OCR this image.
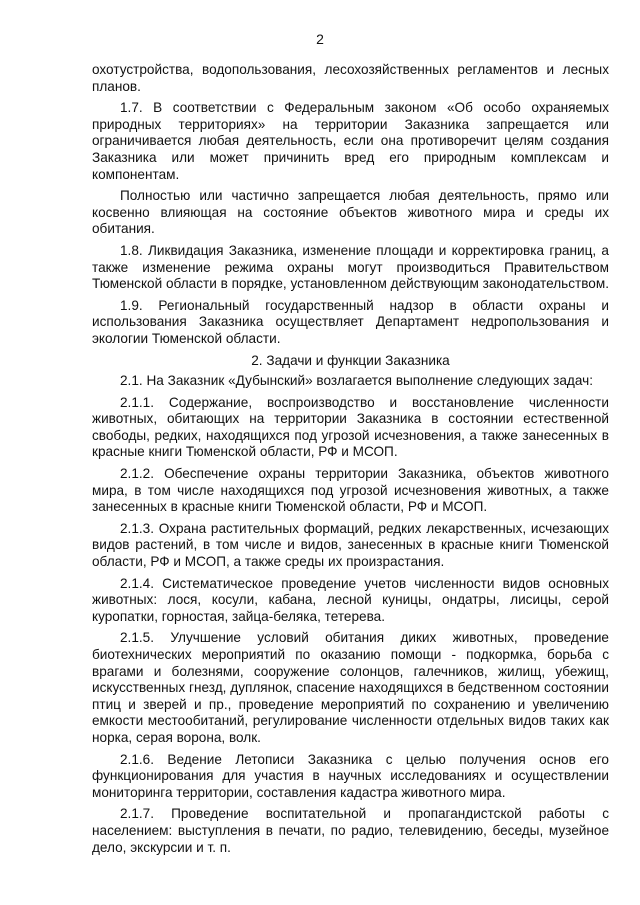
2

охотустройства, водопользования, лесохозяйственных регламентов и лесных планов.

1.7. В соответствии с Федеральным законом «Об особо охраняемых природных территориях» на территории Заказника запрещается или ограничивается любая деятельность, если она противоречит целям создания Заказника или может причинить вред его природным комплексам и компонентам.

Полностью или частично запрещается любая деятельность, прямо или косвенно влияющая на состояние объектов животного мира и среды их обитания.

1.8. Ликвидация Заказника, изменение площади и корректировка границ, а также изменение режима охраны могут производиться Правительством Тюменской области в порядке, установленном действующим законодательством.

1.9. Региональный государственный надзор в области охраны и использования Заказника осуществляет Департамент недропользования и экологии Тюменской области.

2. Задачи и функции Заказника

2.1. На Заказник «Дубынский» возлагается выполнение следующих задач:

2.1.1. Содержание, воспроизводство и восстановление численности животных, обитающих на территории Заказника в состоянии естественной свободы, редких, находящихся под угрозой исчезновения, а также занесенных в красные книги Тюменской области, РФ и МСОП.

2.1.2. Обеспечение охраны территории Заказника, объектов животного мира, в том числе находящихся под угрозой исчезновения животных, а также занесенных в красные книги Тюменской области, РФ и МСОП.

2.1.3. Охрана растительных формаций, редких лекарственных, исчезающих видов растений, в том числе и видов, занесенных в красные книги Тюменской области, РФ и МСОП, а также среды их произрастания.

2.1.4. Систематическое проведение учетов численности видов основных животных: лося, косули, кабана, лесной куницы, ондатры, лисицы, серой куропатки, горностая, зайца-беляка, тетерева.

2.1.5. Улучшение условий обитания диких животных, проведение биотехнических мероприятий по оказанию помощи - подкормка, борьба с врагами и болезнями, сооружение солонцов, галечников, жилищ, убежищ, искусственных гнезд, дуплянок, спасение находящихся в бедственном состоянии птиц и зверей и пр., проведение мероприятий по сохранению и увеличению емкости местообитаний, регулирование численности отдельных видов таких как норка, серая ворона, волк.

2.1.6. Ведение Летописи Заказника с целью получения основ его функционирования для участия в научных исследованиях и осуществлении мониторинга территории, составления кадастра животного мира.

2.1.7. Проведение воспитательной и пропагандистской работы с населением: выступления в печати, по радио, телевидению, беседы, музейное дело, экскурсии и т. п.
